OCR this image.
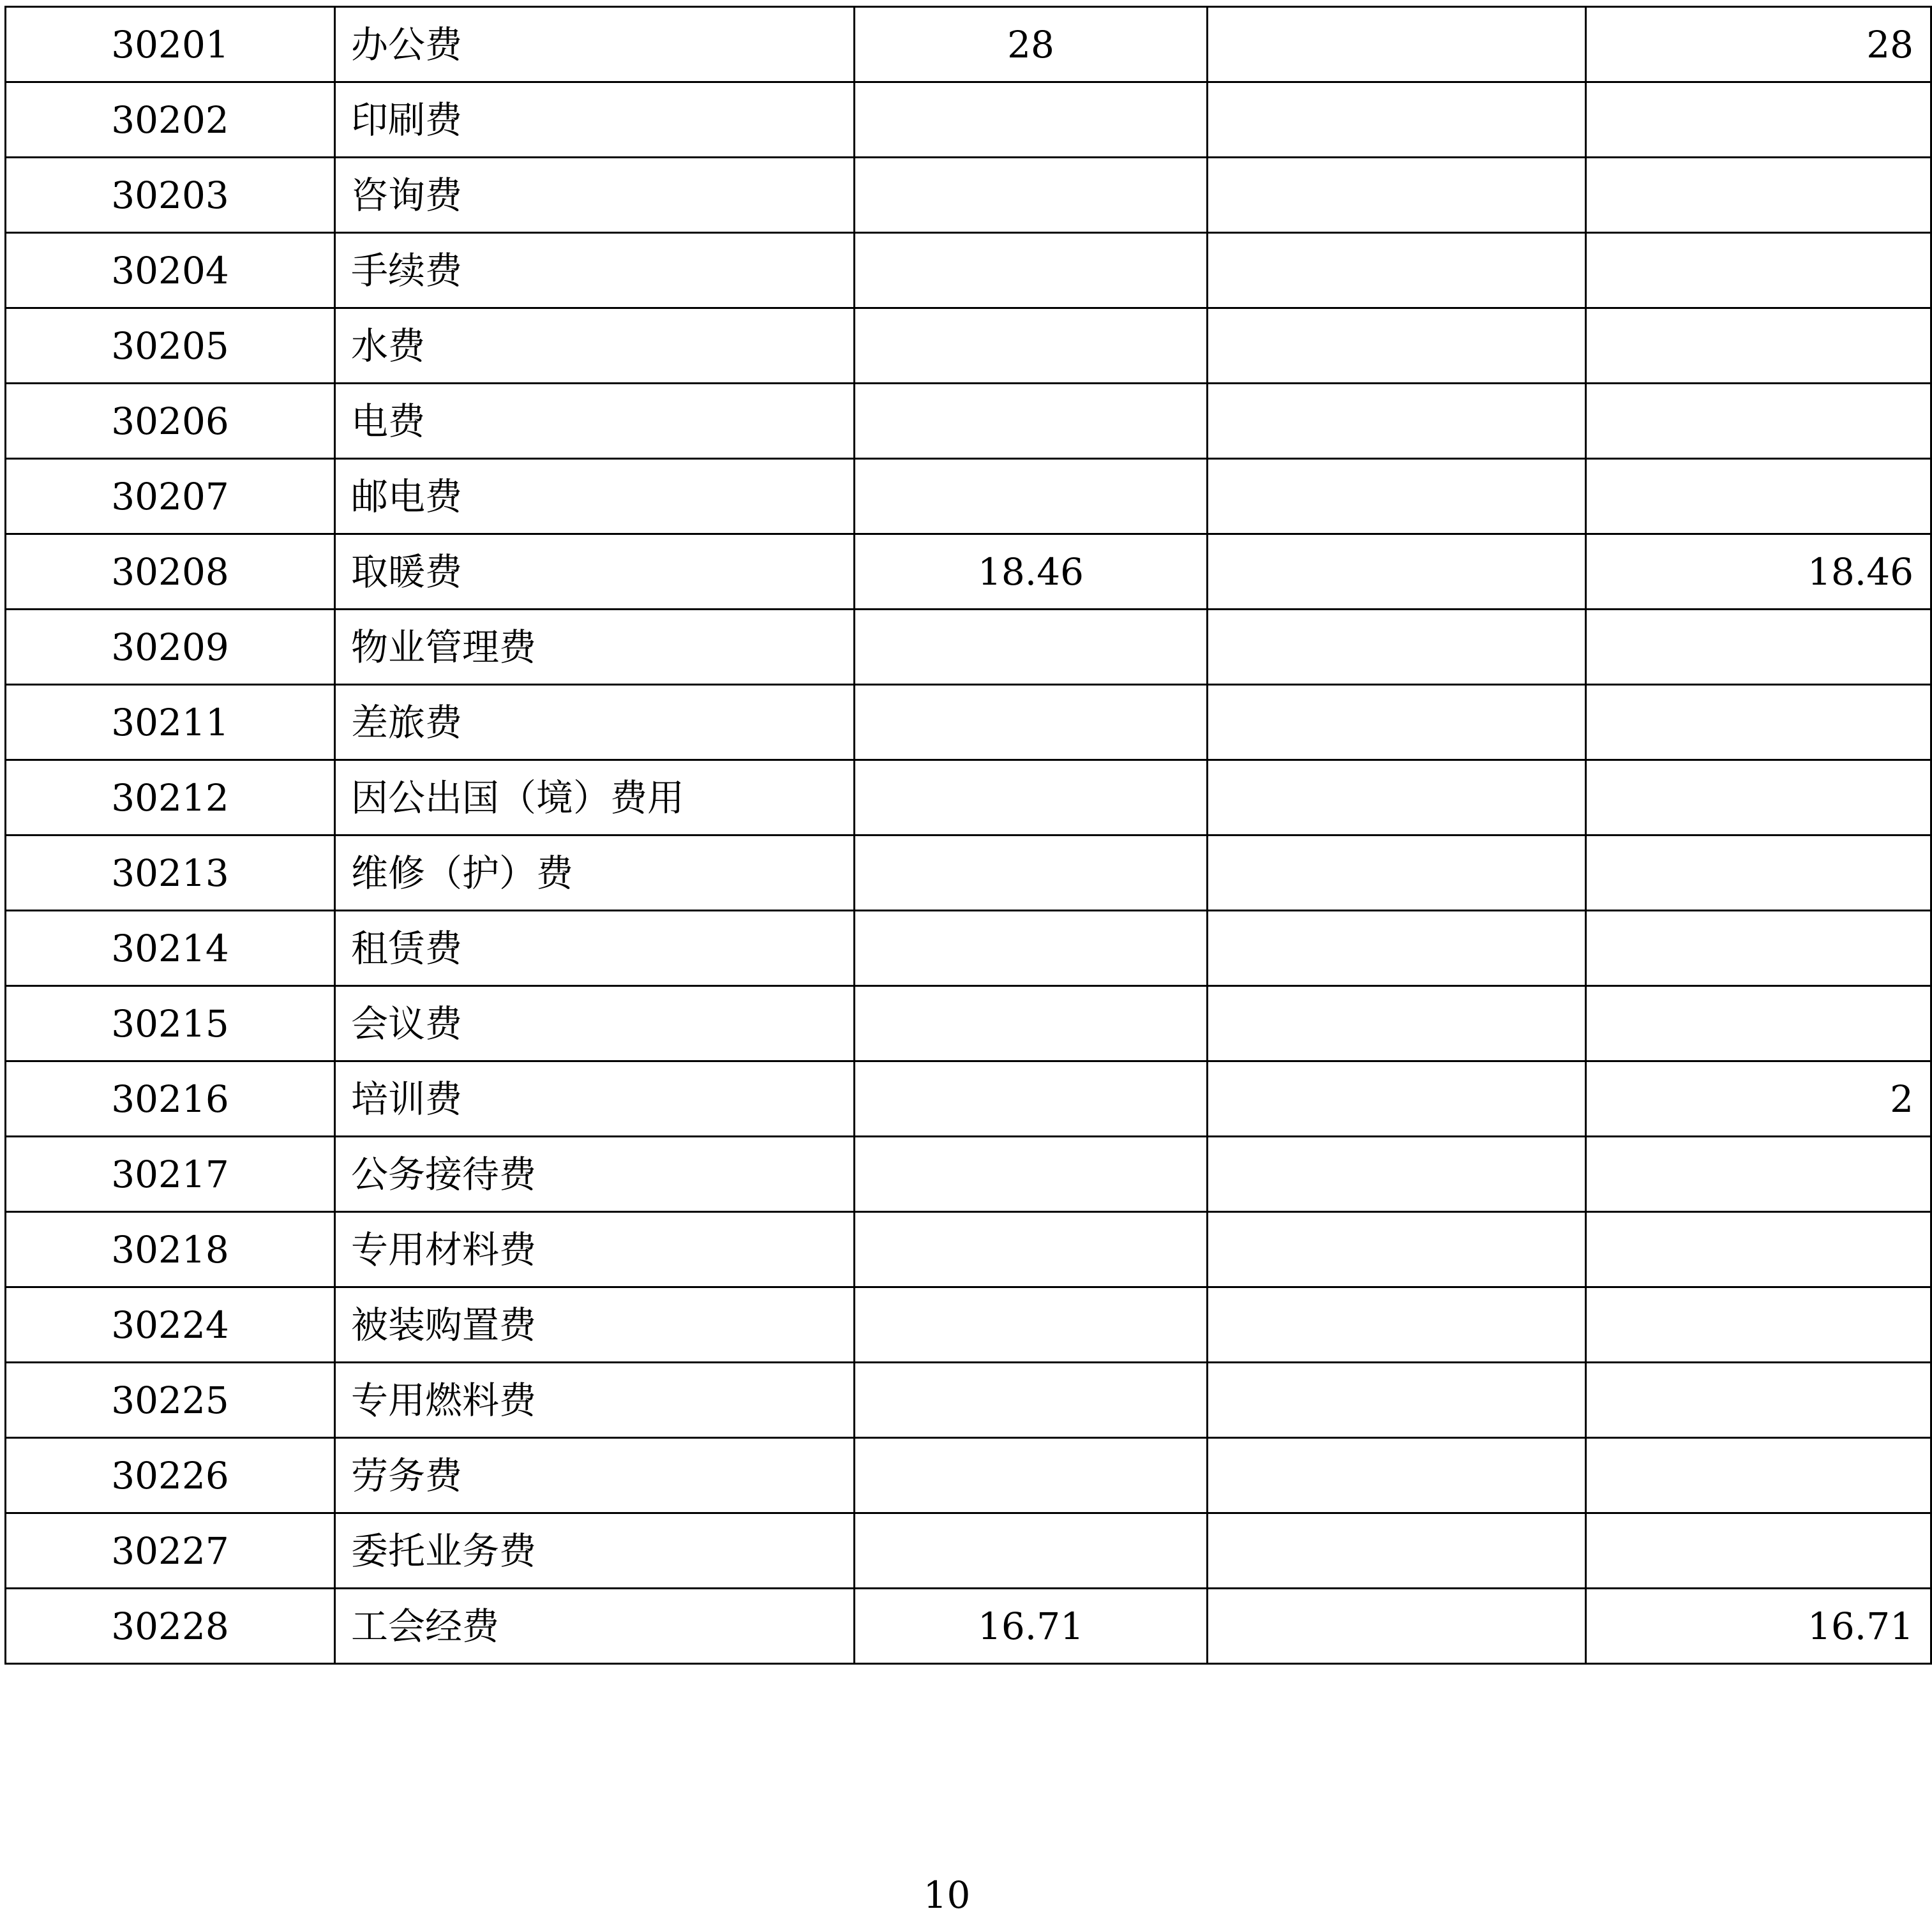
30201	办公费	28		28
30202	印刷费			
30203	咨询费			
30204	手续费			
30205	水费			
30206	电费			
30207	邮电费			
30208	取暖费	18.46		18.46
30209	物业管理费			
30211	差旅费			
30212	因公出国（境）费用			
30213	维修（护）费			
30214	租赁费			
30215	会议费			
30216	培训费			2
30217	公务接待费			
30218	专用材料费			
30224	被装购置费			
30225	专用燃料费			
30226	劳务费			
30227	委托业务费			
30228	工会经费	16.71		16.71
10
